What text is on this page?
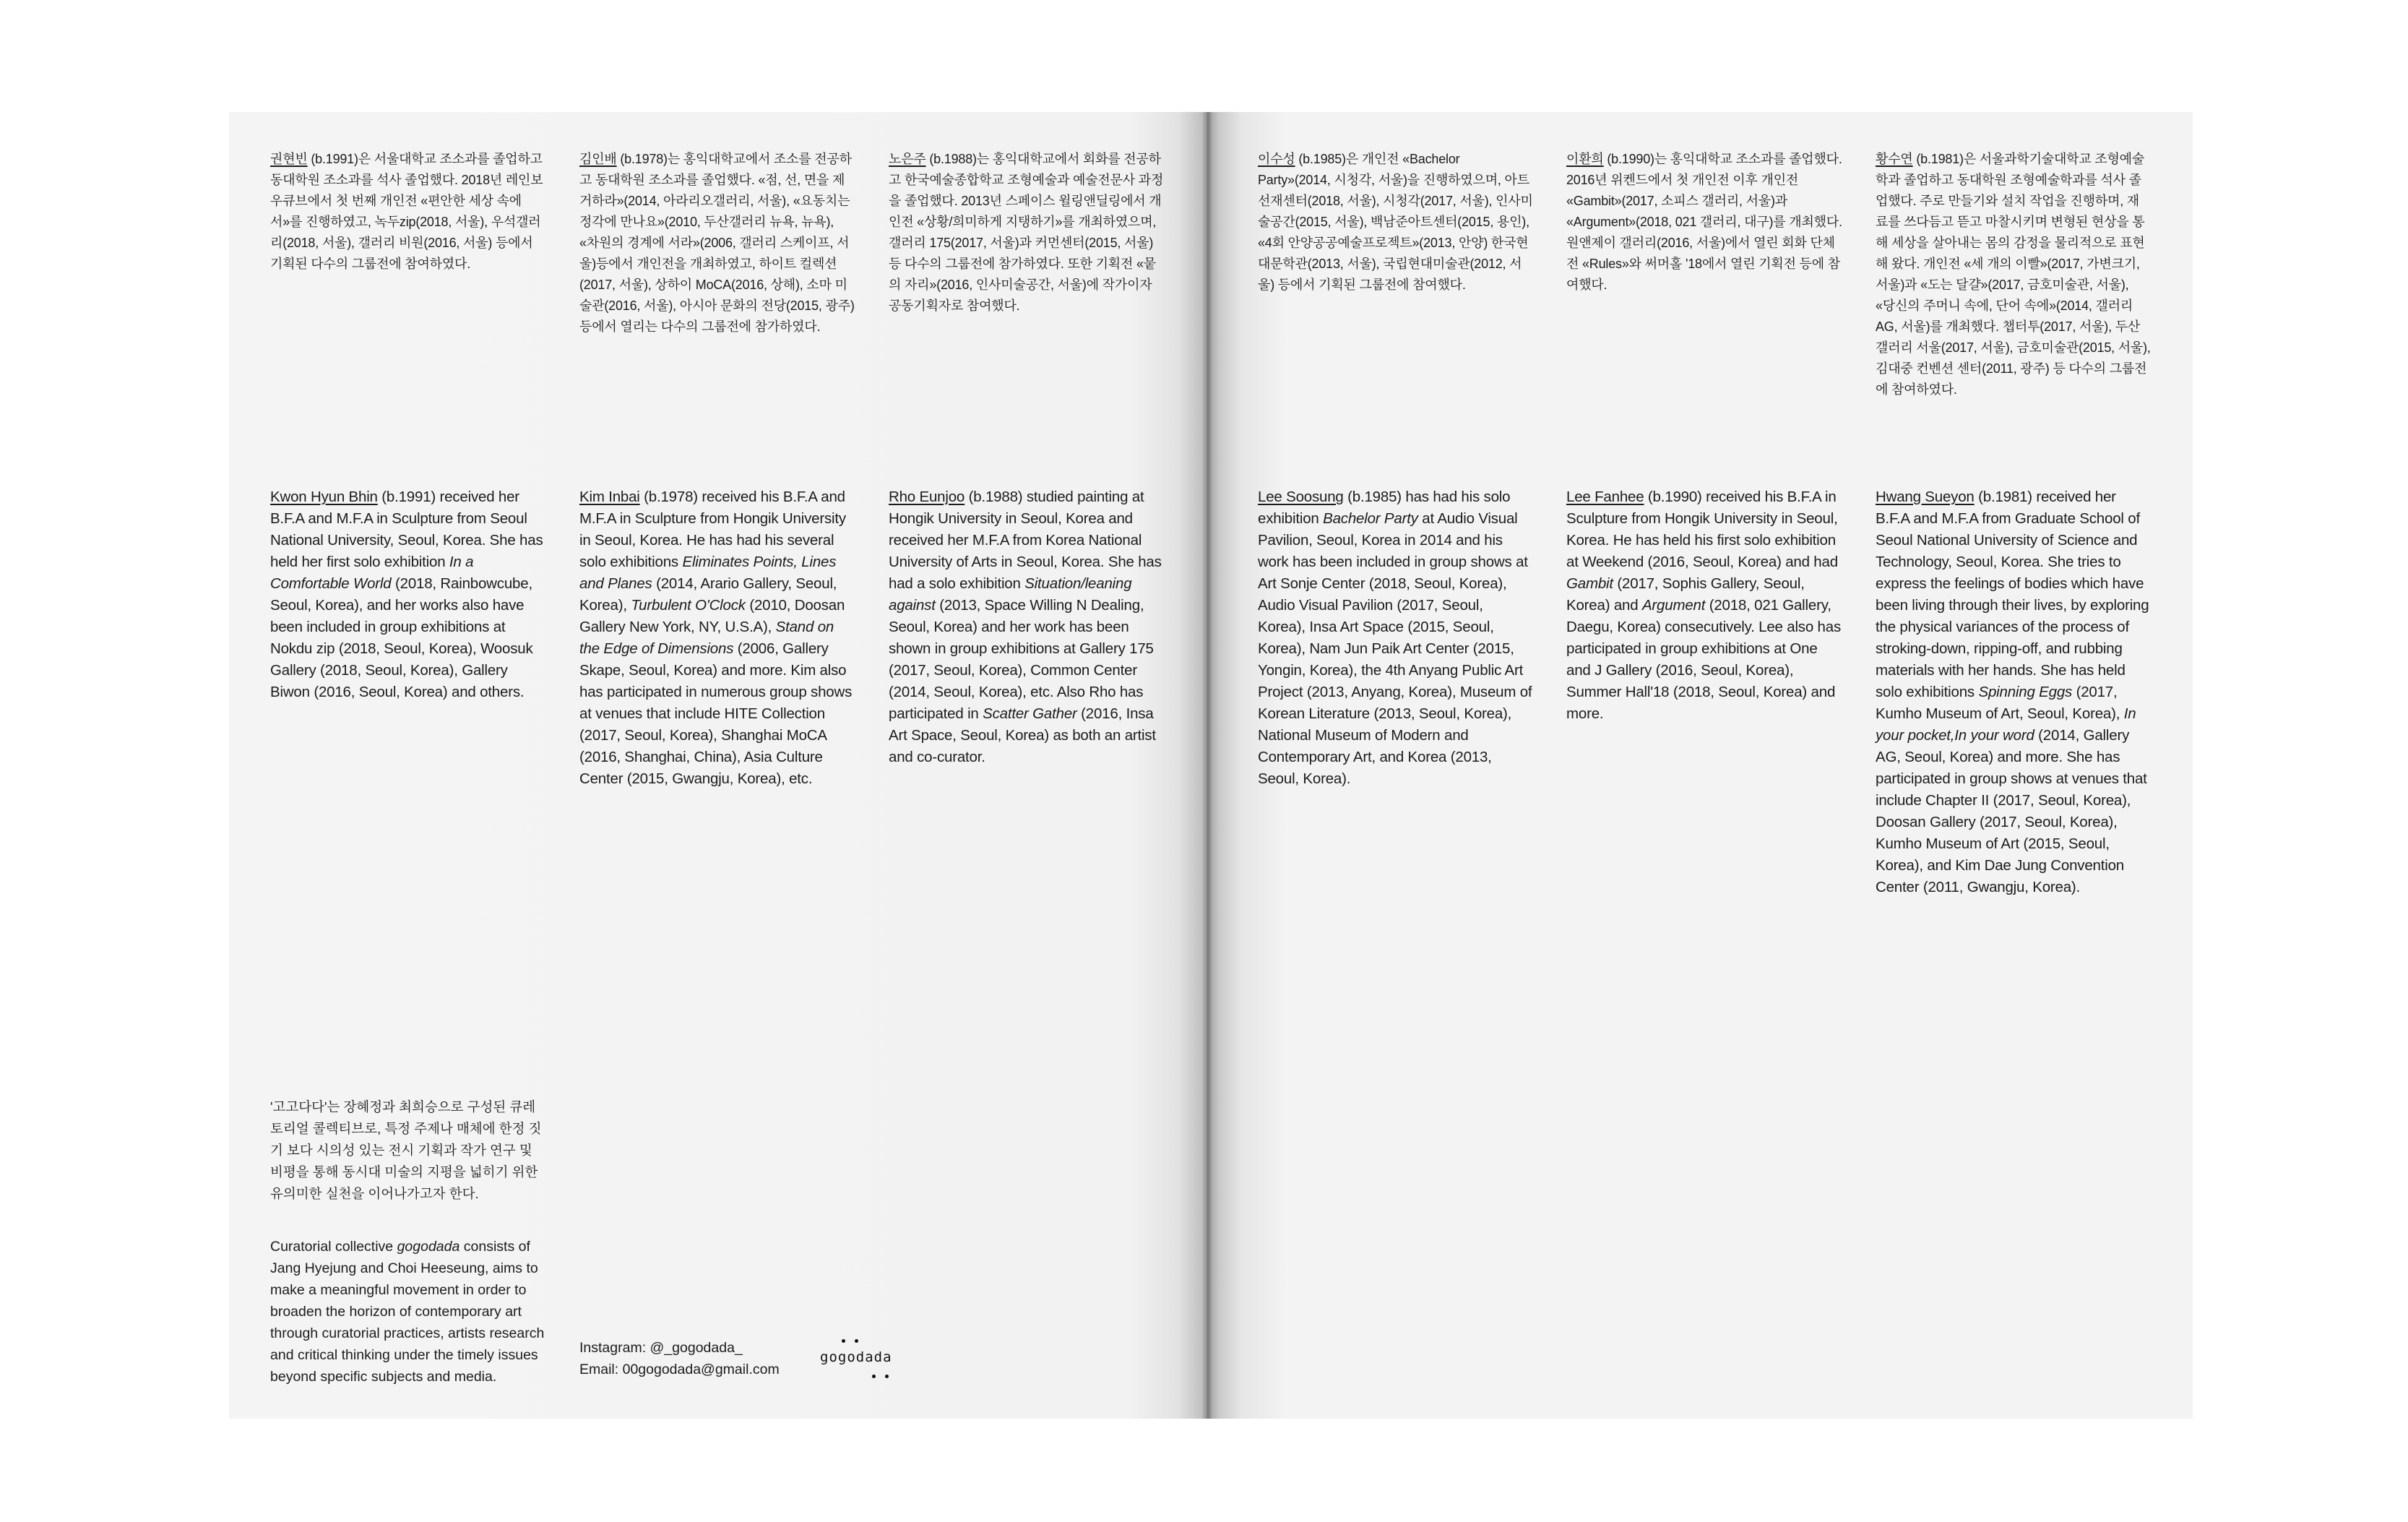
권현빈 (b.1991)은 서울대학교 조소과를 졸업하고 동대학원 조소과를 석사 졸업했다. 2018년 레인보우큐브에서 첫 번째 개인전 «편안한 세상 속에서»를 진행하였고, 녹두zip(2018, 서울), 우석갤러리(2018, 서울), 갤러리 비원(2016, 서울) 등에서 기획된 다수의 그룹전에 참여하였다.

김인배 (b.1978)는 홍익대학교에서 조소를 전공하고 동대학원 조소과를 졸업했다. «점, 선, 면을 제거하라»(2014, 아라리오갤러리, 서울), «요동치는 정각에 만나요»(2010, 두산갤러리 뉴욕, 뉴욕), «차원의 경계에 서라»(2006, 갤러리 스케이프, 서울)등에서 개인전을 개최하였고, 하이트 컬렉션(2017, 서울), 상하이 MoCA(2016, 상해), 소마 미술관(2016, 서울), 아시아 문화의 전당(2015, 광주)등에서 열리는 다수의 그룹전에 참가하였다.

노은주 (b.1988)는 홍익대학교에서 회화를 전공하고 한국예술종합학교 조형예술과 예술전문사 과정을 졸업했다. 2013년 스페이스 윌링앤딜링에서 개인전 «상황/희미하게 지탱하기»를 개최하였으며, 갤러리 175(2017, 서울)과 커먼센터(2015, 서울) 등 다수의 그룹전에 참가하였다. 또한 기획전 «뭍의 자리»(2016, 인사미술공간, 서울)에 작가이자 공동기획자로 참여했다.

Kwon Hyun Bhin (b.1991) received her B.F.A and M.F.A in Sculpture from Seoul National University, Seoul, Korea. She has held her first solo exhibition In a Comfortable World (2018, Rainbowcube, Seoul, Korea), and her works also have been included in group exhibitions at Nokdu zip (2018, Seoul, Korea), Woosuk Gallery (2018, Seoul, Korea), Gallery Biwon (2016, Seoul, Korea) and others.

Kim Inbai (b.1978) received his B.F.A and M.F.A in Sculpture from Hongik University in Seoul, Korea. He has had his several solo exhibitions Eliminates Points, Lines and Planes (2014, Arario Gallery, Seoul, Korea), Turbulent O'Clock (2010, Doosan Gallery New York, NY, U.S.A), Stand on the Edge of Dimensions (2006, Gallery Skape, Seoul, Korea) and more. Kim also has participated in numerous group shows at venues that include HITE Collection (2017, Seoul, Korea), Shanghai MoCA (2016, Shanghai, China), Asia Culture Center (2015, Gwangju, Korea), etc.

Rho Eunjoo (b.1988) studied painting at Hongik University in Seoul, Korea and received her M.F.A from Korea National University of Arts in Seoul, Korea. She has had a solo exhibition Situation/leaning against (2013, Space Willing N Dealing, Seoul, Korea) and her work has been shown in group exhibitions at Gallery 175 (2017, Seoul, Korea), Common Center (2014, Seoul, Korea), etc. Also Rho has participated in Scatter Gather (2016, Insa Art Space, Seoul, Korea) as both an artist and co-curator.

'고고다다'는 장혜정과 최희승으로 구성된 큐레토리얼 콜렉티브로, 특정 주제나 매체에 한정 짓기 보다 시의성 있는 전시 기획과 작가 연구 및 비평을 통해 동시대 미술의 지평을 넓히기 위한 유의미한 실천을 이어나가고자 한다.
Curatorial collective gogodada consists of Jang Hyejung and Choi Heeseung, aims to make a meaningful movement in order to broaden the horizon of contemporary art through curatorial practices, artists research and critical thinking under the timely issues beyond specific subjects and media.
Instagram: @_gogodada_
Email: 00gogodada@gmail.com
gogodada

이수성 (b.1985)은 개인전 «Bachelor Party»(2014, 시청각, 서울)을 진행하였으며, 아트선재센터(2018, 서울), 시청각(2017, 서울), 인사미술공간(2015, 서울), 백남준아트센터(2015, 용인), «4회 안양공공예술프로젝트»(2013, 안양) 한국현대문학관(2013, 서울), 국립현대미술관(2012, 서울) 등에서 기획된 그룹전에 참여했다.

이환희 (b.1990)는 홍익대학교 조소과를 졸업했다. 2016년 위켄드에서 첫 개인전 이후 개인전 «Gambit»(2017, 소피스 갤러리, 서울)과 «Argument»(2018, 021 갤러리, 대구)를 개최했다. 원앤제이 갤러리(2016, 서울)에서 열린 회화 단체전 «Rules»와 써머홀 '18에서 열린 기획전 등에 참여했다.

황수연 (b.1981)은 서울과학기술대학교 조형예술학과 졸업하고 동대학원 조형예술학과를 석사 졸업했다. 주로 만들기와 설치 작업을 진행하며, 재료를 쓰다듬고 뜯고 마찰시키며 변형된 현상을 통해 세상을 살아내는 몸의 감정을 물리적으로 표현해 왔다. 개인전 «세 개의 이빨»(2017, 가변크기, 서울)과 «도는 달걀»(2017, 금호미술관, 서울), «당신의 주머니 속에, 단어 속에»(2014, 갤러리 AG, 서울)를 개최했다. 챕터투(2017, 서울), 두산 갤러리 서울(2017, 서울), 금호미술관(2015, 서울), 김대중 컨벤션 센터(2011, 광주) 등 다수의 그룹전에 참여하였다.

Lee Soosung (b.1985) has had his solo exhibition Bachelor Party at Audio Visual Pavilion, Seoul, Korea in 2014 and his work has been included in group shows at Art Sonje Center (2018, Seoul, Korea), Audio Visual Pavilion (2017, Seoul, Korea), Insa Art Space (2015, Seoul, Korea), Nam Jun Paik Art Center (2015, Yongin, Korea), the 4th Anyang Public Art Project (2013, Anyang, Korea), Museum of Korean Literature (2013, Seoul, Korea), National Museum of Modern and Contemporary Art, and Korea (2013, Seoul, Korea).

Lee Fanhee (b.1990) received his B.F.A in Sculpture from Hongik University in Seoul, Korea. He has held his first solo exhibition at Weekend (2016, Seoul, Korea) and had Gambit (2017, Sophis Gallery, Seoul, Korea) and Argument (2018, 021 Gallery, Daegu, Korea) consecutively. Lee also has participated in group exhibitions at One and J Gallery (2016, Seoul, Korea), Summer Hall'18 (2018, Seoul, Korea) and more.

Hwang Sueyon (b.1981) received her B.F.A and M.F.A from Graduate School of Seoul National University of Science and Technology, Seoul, Korea. She tries to express the feelings of bodies which have been living through their lives, by exploring the physical variances of the process of stroking-down, ripping-off, and rubbing materials with her hands. She has held solo exhibitions Spinning Eggs (2017, Kumho Museum of Art, Seoul, Korea), In your pocket,In your word (2014, Gallery AG, Seoul, Korea) and more. She has participated in group shows at venues that include Chapter II (2017, Seoul, Korea), Doosan Gallery (2017, Seoul, Korea), Kumho Museum of Art (2015, Seoul, Korea), and Kim Dae Jung Convention Center (2011, Gwangju, Korea).
